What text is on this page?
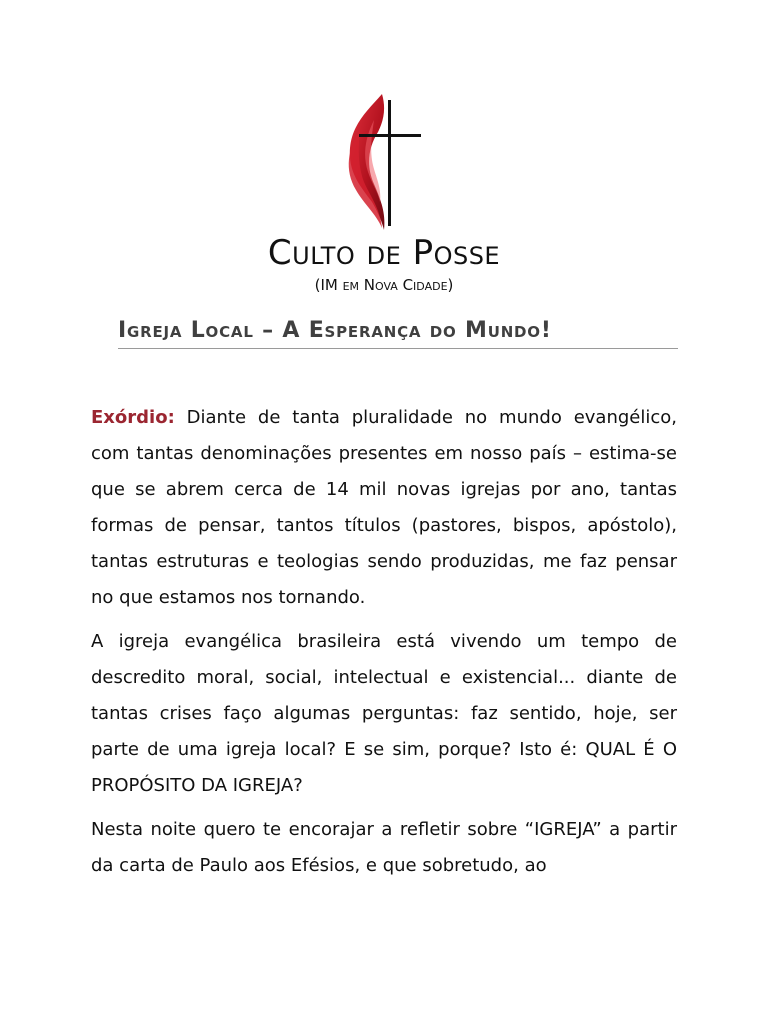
Culto de Posse
(IM em Nova Cidade)
Igreja Local – A Esperança do Mundo!

Exórdio: Diante de tanta pluralidade no mundo evangélico, com tantas denominações presentes em nosso país – estima-se que se abrem cerca de 14 mil novas igrejas por ano, tantas formas de pensar, tantos títulos (pastores, bispos, apóstolo), tantas estruturas e teologias sendo produzidas, me faz pensar no que estamos nos tornando.

A igreja evangélica brasileira está vivendo um tempo de descredito moral, social, intelectual e existencial... diante de tantas crises faço algumas perguntas: faz sentido, hoje, ser parte de uma igreja local? E se sim, porque? Isto é: QUAL É O PROPÓSITO DA IGREJA?

Nesta noite quero te encorajar a refletir sobre “IGREJA” a partir da carta de Paulo aos Efésios, e que sobretudo, ao
